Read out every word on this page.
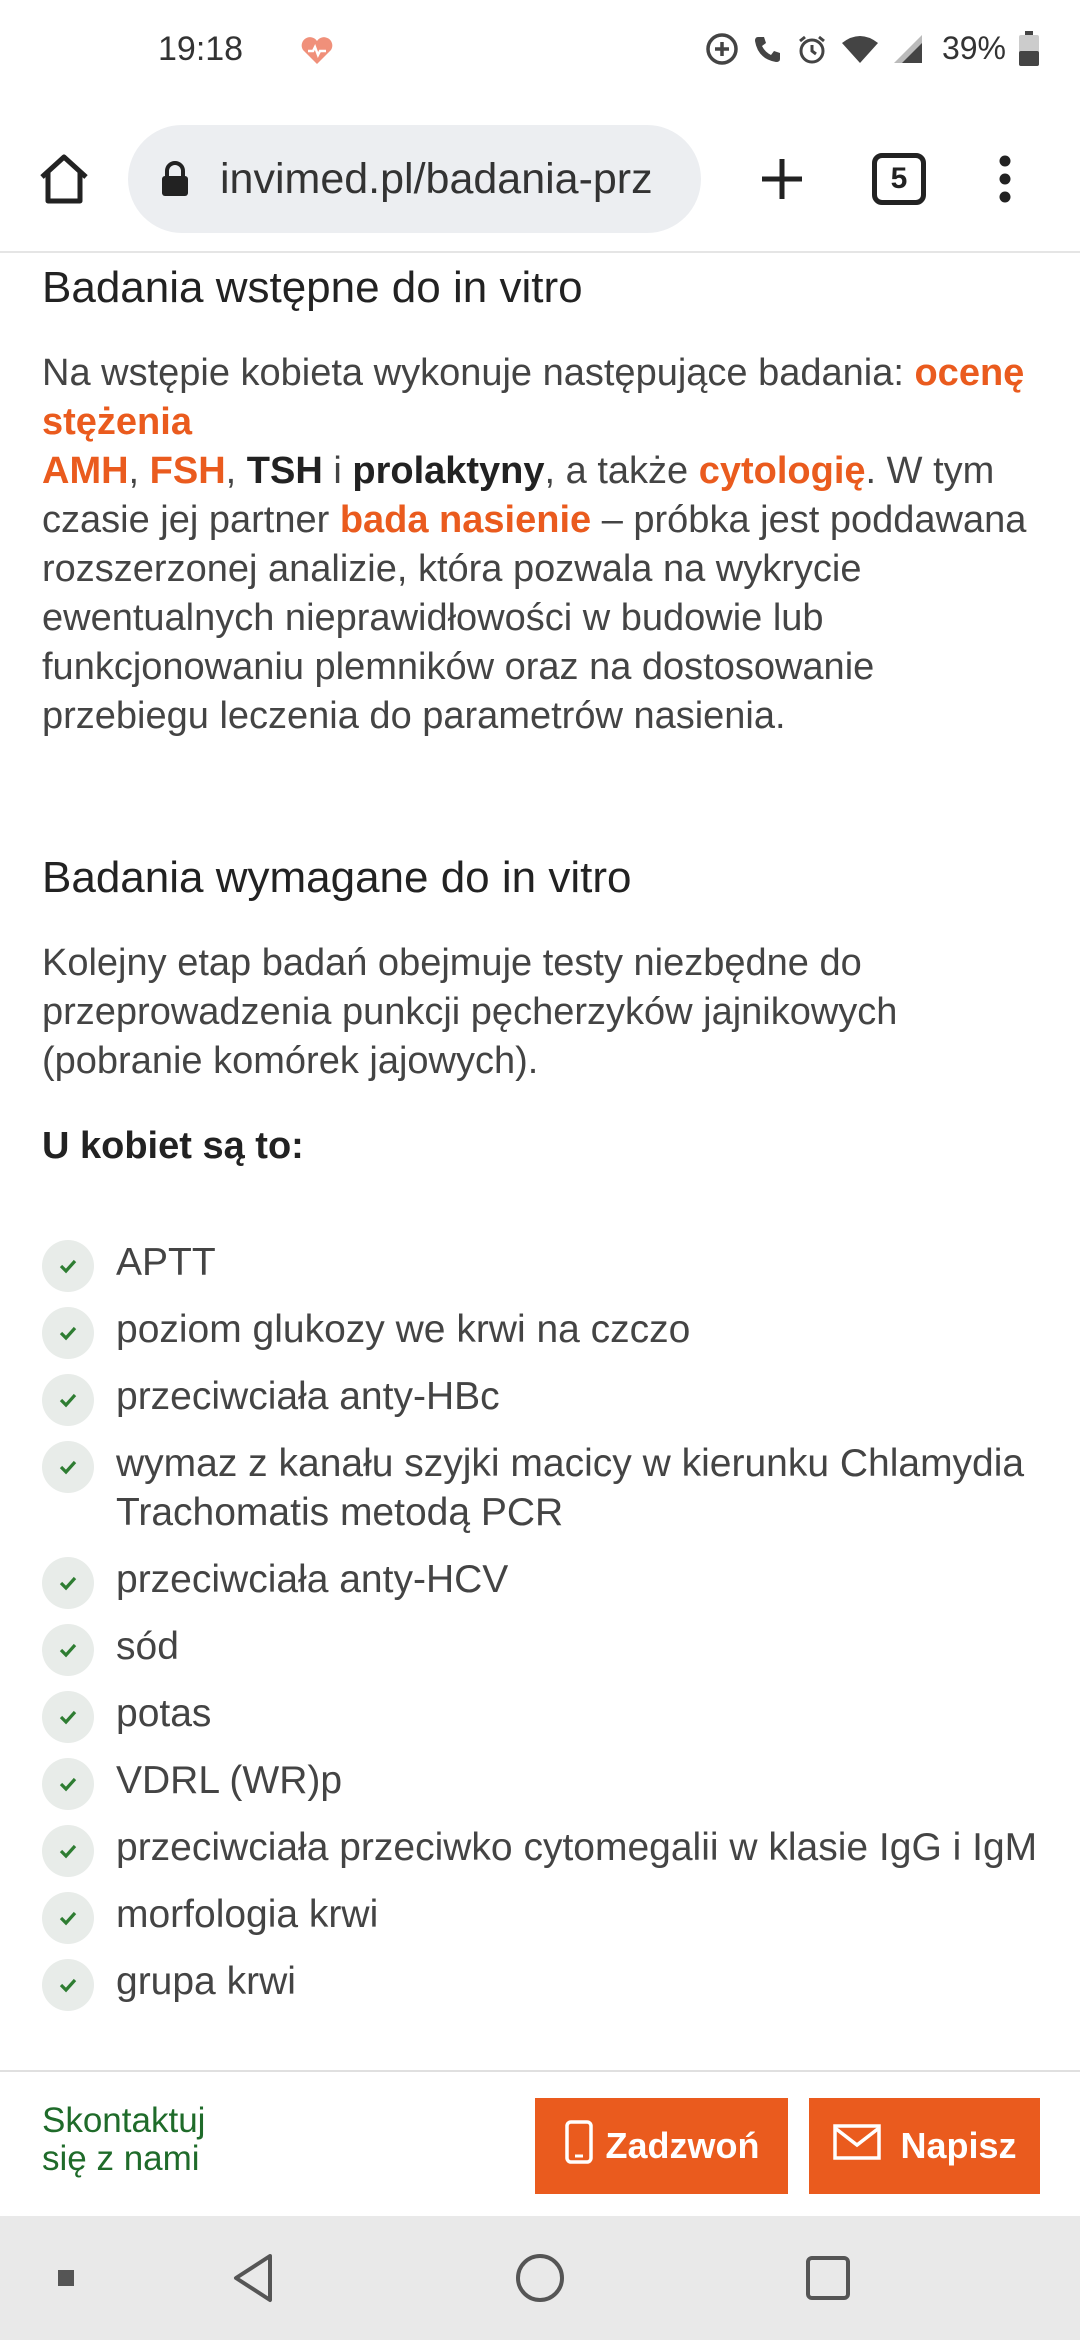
19:18	39%
invimed.pl/badania-prz	5
Badania wstępne do in vitro

Na wstępie kobieta wykonuje następujące badania: ocenę stężenia
AMH, FSH, TSH i prolaktyny, a także cytologię. W tym czasie jej partner bada nasienie – próbka jest poddawana rozszerzonej analizie, która pozwala na wykrycie ewentualnych nieprawidłowości w budowie lub funkcjonowaniu plemników oraz na dostosowanie przebiegu leczenia do parametrów nasienia.

Badania wymagane do in vitro

Kolejny etap badań obejmuje testy niezbędne do przeprowadzenia punkcji pęcherzyków jajnikowych (pobranie komórek jajowych).

U kobiet są to:
APTT
poziom glukozy we krwi na czczo
przeciwciała anty-HBc
wymaz z kanału szyjki macicy w kierunku Chlamydia Trachomatis metodą PCR
przeciwciała anty-HCV
sód
potas
VDRL (WR)p
przeciwciała przeciwko cytomegalii w klasie IgG i IgM
morfologia krwi
grupa krwi
Skontaktuj
się z nami	Zadzwoń	Napisz
